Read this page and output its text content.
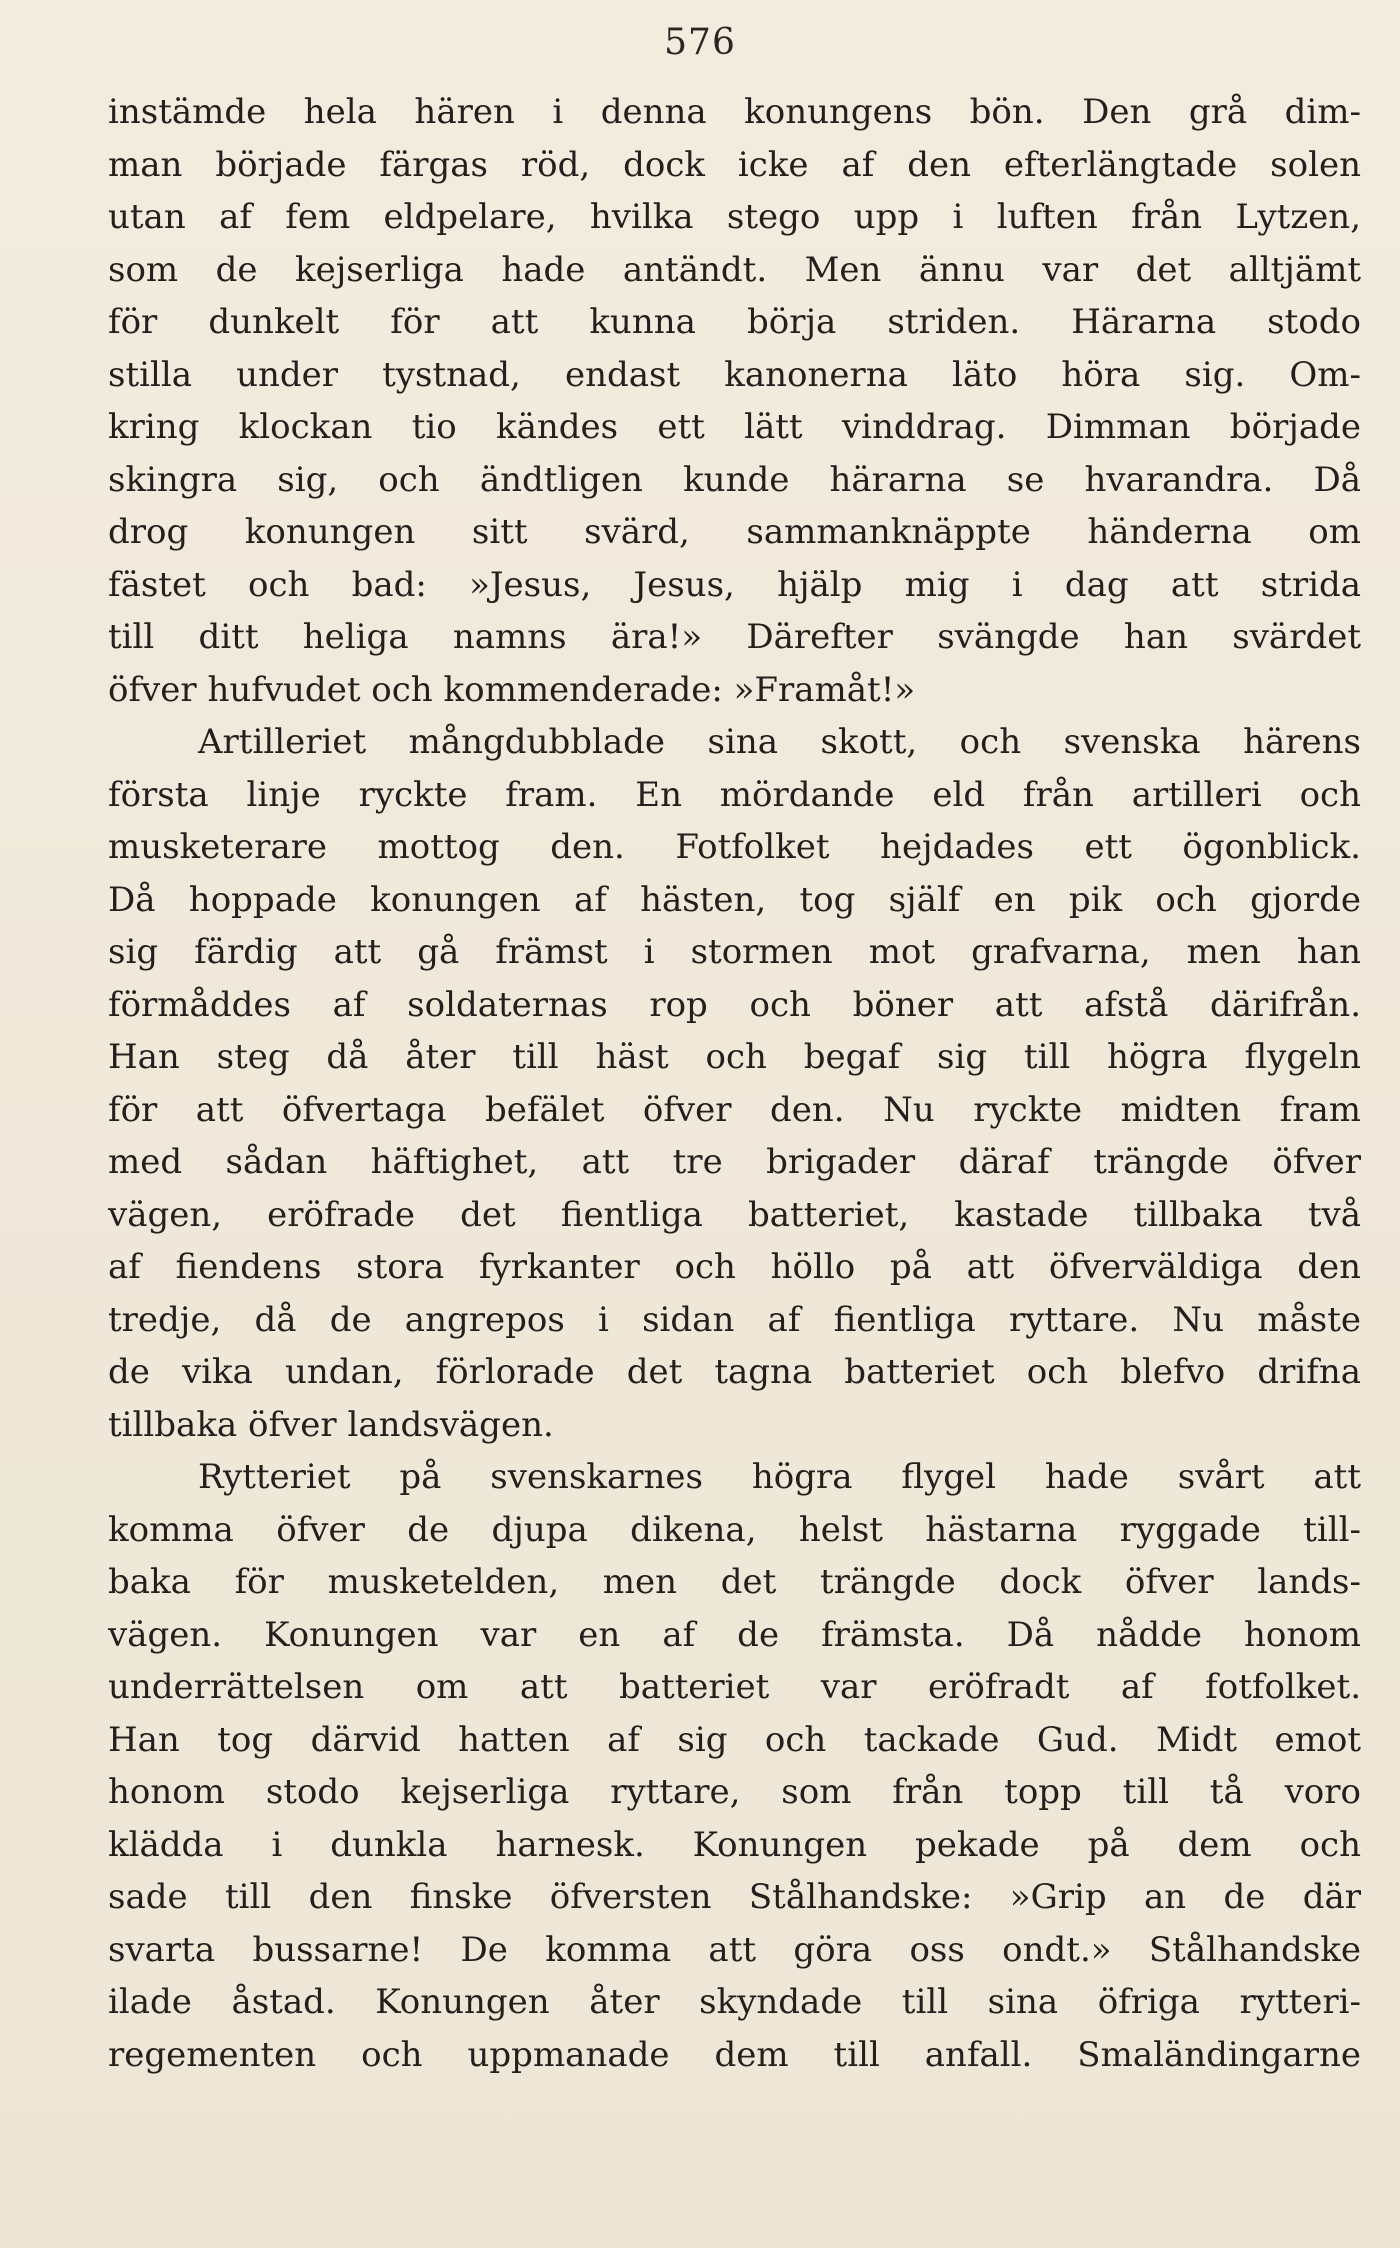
576
instämde hela hären i denna konungens bön. Den grå dim-
man började färgas röd, dock icke af den efterlängtade solen
utan af fem eldpelare, hvilka stego upp i luften från Lytzen,
som de kejserliga hade antändt. Men ännu var det alltjämt
för dunkelt för att kunna börja striden. Härarna stodo
stilla under tystnad, endast kanonerna läto höra sig. Om-
kring klockan tio kändes ett lätt vinddrag. Dimman började
skingra sig, och ändtligen kunde härarna se hvarandra. Då
drog konungen sitt svärd, sammanknäppte händerna om
fästet och bad: »Jesus, Jesus, hjälp mig i dag att strida
till ditt heliga namns ära!» Därefter svängde han svärdet
öfver hufvudet och kommenderade: »Framåt!»
Artilleriet mångdubblade sina skott, och svenska härens
första linje ryckte fram. En mördande eld från artilleri och
musketerare mottog den. Fotfolket hejdades ett ögonblick.
Då hoppade konungen af hästen, tog själf en pik och gjorde
sig färdig att gå främst i stormen mot grafvarna, men han
förmåddes af soldaternas rop och böner att afstå därifrån.
Han steg då åter till häst och begaf sig till högra flygeln
för att öfvertaga befälet öfver den. Nu ryckte midten fram
med sådan häftighet, att tre brigader däraf trängde öfver
vägen, eröfrade det fientliga batteriet, kastade tillbaka två
af fiendens stora fyrkanter och höllo på att öfverväldiga den
tredje, då de angrepos i sidan af fientliga ryttare. Nu måste
de vika undan, förlorade det tagna batteriet och blefvo drifna
tillbaka öfver landsvägen.
Rytteriet på svenskarnes högra flygel hade svårt att
komma öfver de djupa dikena, helst hästarna ryggade till-
baka för musketelden, men det trängde dock öfver lands-
vägen. Konungen var en af de främsta. Då nådde honom
underrättelsen om att batteriet var eröfradt af fotfolket.
Han tog därvid hatten af sig och tackade Gud. Midt emot
honom stodo kejserliga ryttare, som från topp till tå voro
klädda i dunkla harnesk. Konungen pekade på dem och
sade till den finske öfversten Stålhandske: »Grip an de där
svarta bussarne! De komma att göra oss ondt.» Stålhandske
ilade åstad. Konungen åter skyndade till sina öfriga rytteri-
regementen och uppmanade dem till anfall. Smaländingarne
